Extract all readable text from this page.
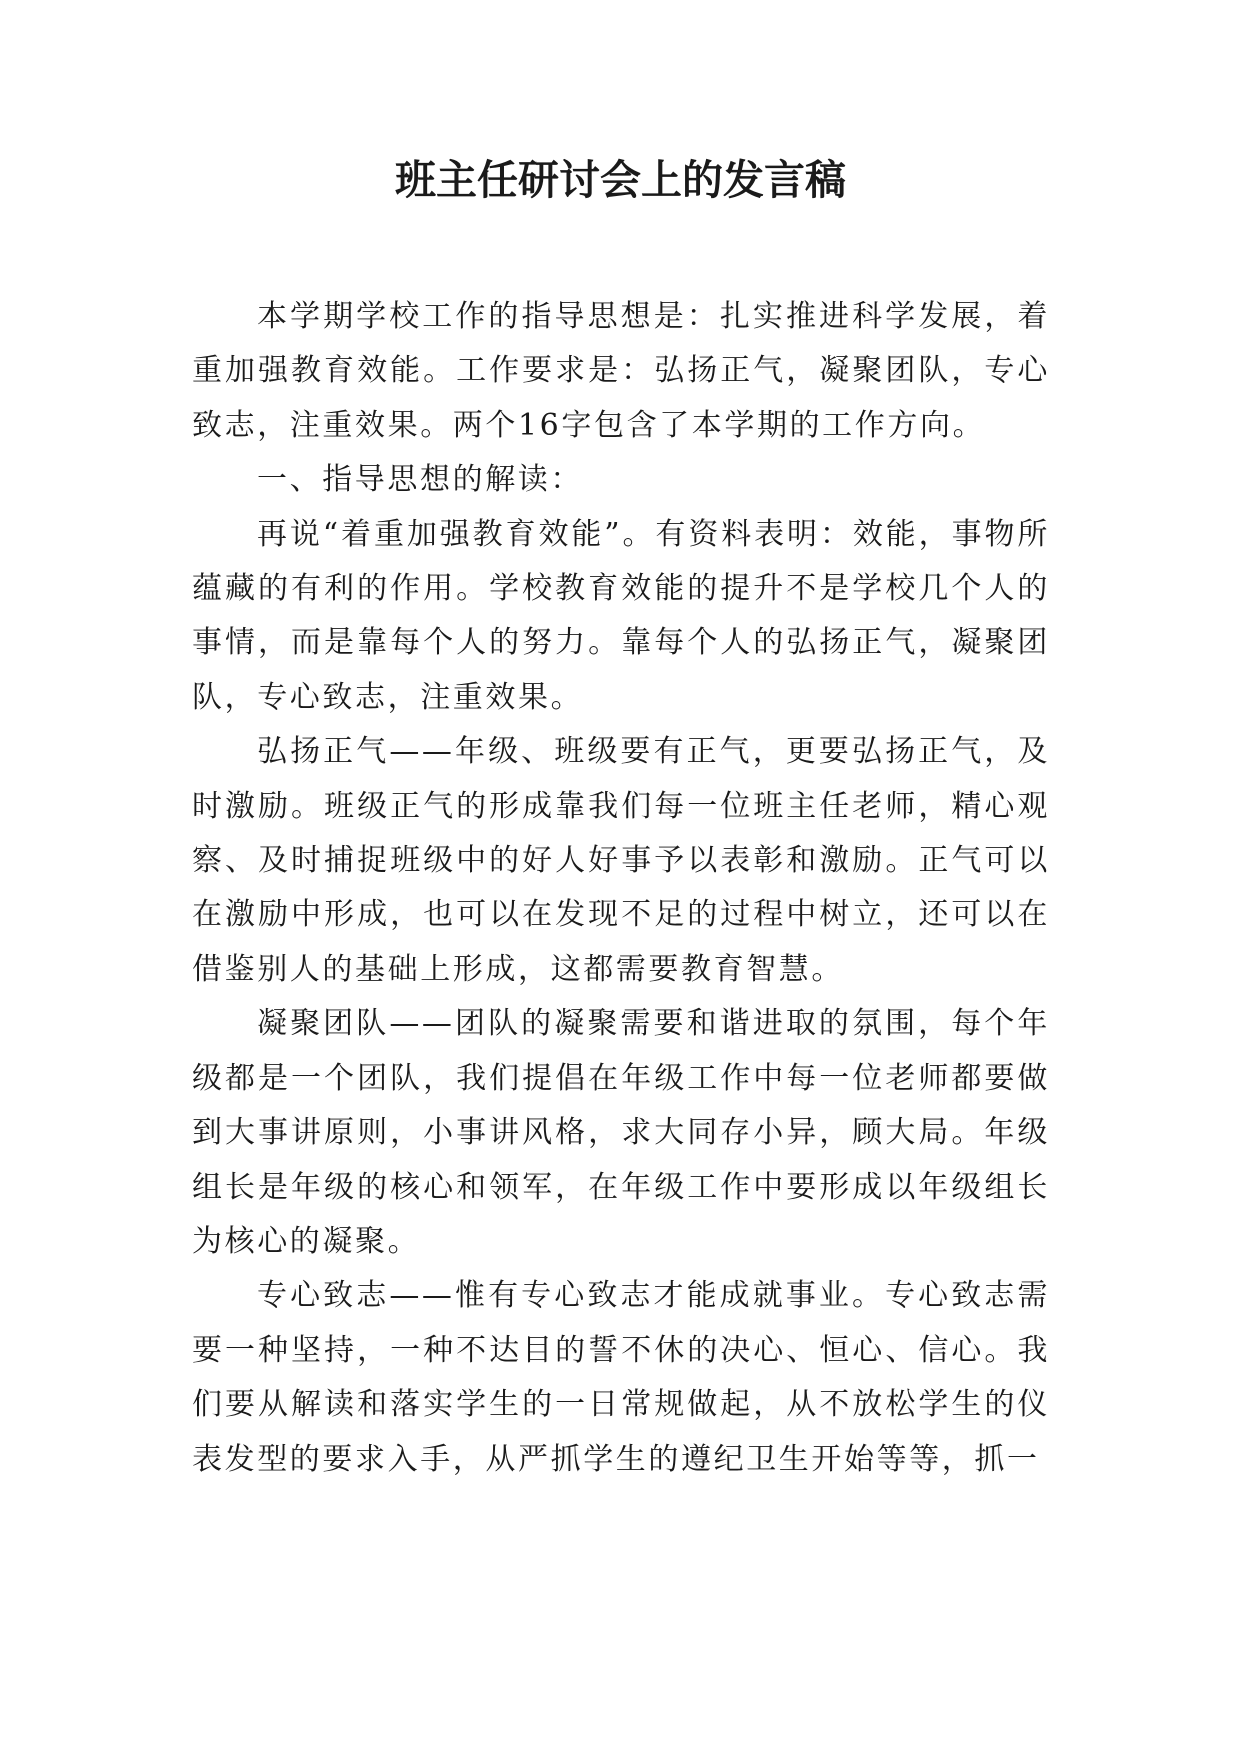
班主任研讨会上的发言稿

本学期学校工作的指导思想是：扎实推进科学发展，着重加强教育效能。工作要求是：弘扬正气，凝聚团队，专心致志，注重效果。两个16字包含了本学期的工作方向。

一、指导思想的解读：

再说“着重加强教育效能”。有资料表明：效能，事物所蕴藏的有利的作用。学校教育效能的提升不是学校几个人的事情，而是靠每个人的努力。靠每个人的弘扬正气，凝聚团队，专心致志，注重效果。

弘扬正气——年级、班级要有正气，更要弘扬正气，及时激励。班级正气的形成靠我们每一位班主任老师，精心观察、及时捕捉班级中的好人好事予以表彰和激励。正气可以在激励中形成，也可以在发现不足的过程中树立，还可以在借鉴别人的基础上形成，这都需要教育智慧。

凝聚团队——团队的凝聚需要和谐进取的氛围，每个年级都是一个团队，我们提倡在年级工作中每一位老师都要做到大事讲原则，小事讲风格，求大同存小异，顾大局。年级组长是年级的核心和领军，在年级工作中要形成以年级组长为核心的凝聚。

专心致志——惟有专心致志才能成就事业。专心致志需要一种坚持，一种不达目的誓不休的决心、恒心、信心。我们要从解读和落实学生的一日常规做起，从不放松学生的仪表发型的要求入手，从严抓学生的遵纪卫生开始等等，抓一
